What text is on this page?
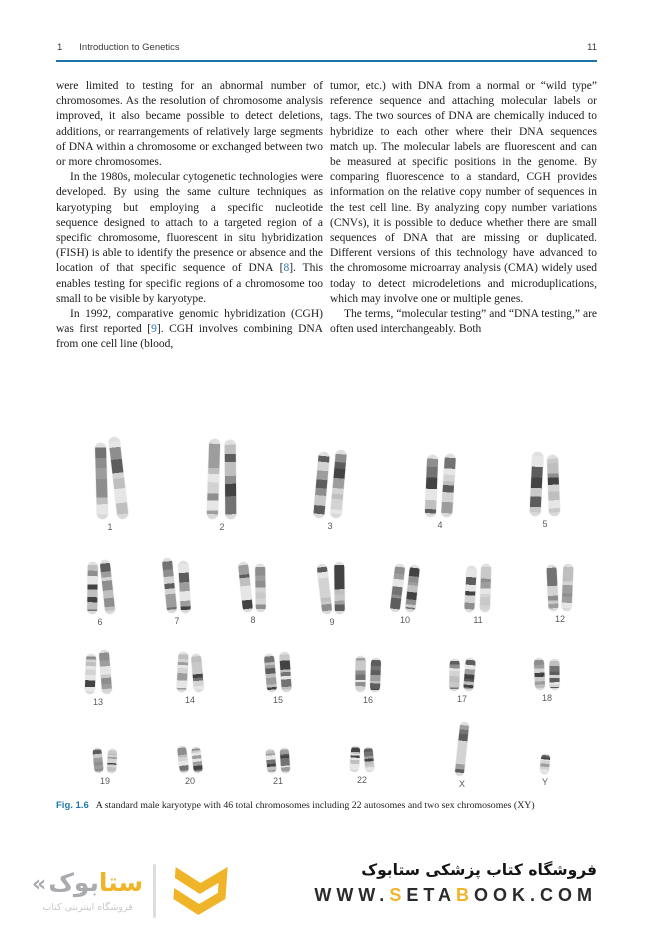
1 Introduction to Genetics	11

were limited to testing for an abnormal number of chromosomes. As the resolution of chromosome analysis improved, it also became possible to detect deletions, additions, or rearrangements of relatively large segments of DNA within a chromosome or exchanged between two or more chromosomes.

In the 1980s, molecular cytogenetic technologies were developed. By using the same culture techniques as karyotyping but employing a specific nucleotide sequence designed to attach to a targeted region of a specific chromosome, fluorescent in situ hybridization (FISH) is able to identify the presence or absence and the location of that specific sequence of DNA [8]. This enables testing for specific regions of a chromosome too small to be visible by karyotype.

In 1992, comparative genomic hybridization (CGH) was first reported [9]. CGH involves combining DNA from one cell line (blood,

tumor, etc.) with DNA from a normal or “wild type” reference sequence and attaching molecular labels or tags. The two sources of DNA are chemically induced to hybridize to each other where their DNA sequences match up. The molecular labels are fluorescent and can be measured at specific positions in the genome. By comparing fluorescence to a standard, CGH provides information on the relative copy number of sequences in the test cell line. By analyzing copy number variations (CNVs), it is possible to deduce whether there are small sequences of DNA that are missing or duplicated. Different versions of this technology have advanced to the chromosome microarray analysis (CMA) widely used today to detect microdeletions and microduplications, which may involve one or multiple genes.

The terms, “molecular testing” and “DNA testing,” are often used interchangeably. Both

1	2	3	4	5
6	7	8	9	10	11	12
13	14	15	16	17	18
19	20	21	22	X	Y
Fig. 1.6 A standard male karyotype with 46 total chromosomes including 22 autosomes and two sex chromosomes (XY)
« بوک ستا
فروشگاه اینترنتی کتاب
فروشگاه کتاب پزشکی ستابوک
WWW.SETABOOK.COM
